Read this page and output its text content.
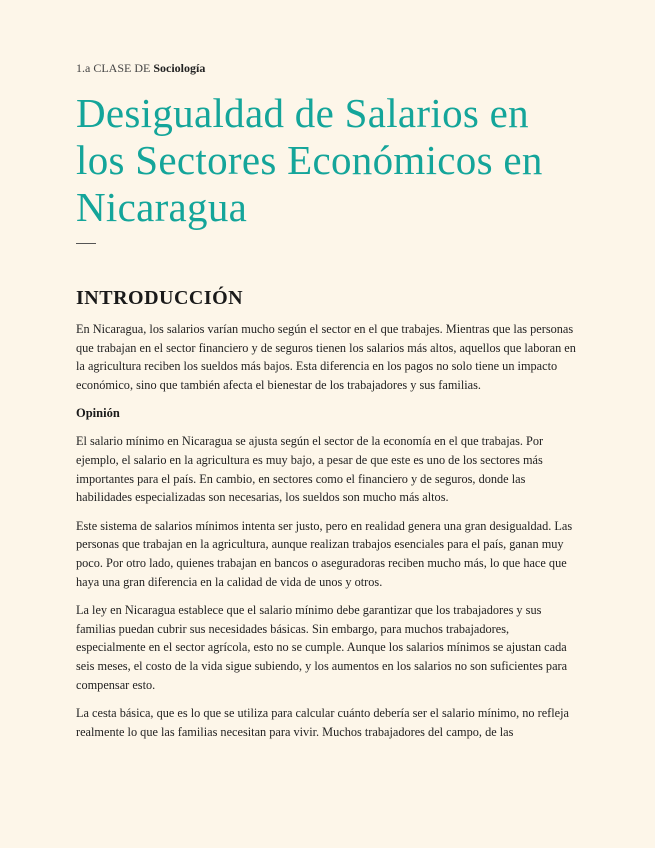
1.a CLASE DE Sociología

Desigualdad de Salarios en los Sectores Económicos en Nicaragua
INTRODUCCIÓN

En Nicaragua, los salarios varían mucho según el sector en el que trabajes. Mientras que las personas que trabajan en el sector financiero y de seguros tienen los salarios más altos, aquellos que laboran en la agricultura reciben los sueldos más bajos. Esta diferencia en los pagos no solo tiene un impacto económico, sino que también afecta el bienestar de los trabajadores y sus familias.

Opinión

El salario mínimo en Nicaragua se ajusta según el sector de la economía en el que trabajas. Por ejemplo, el salario en la agricultura es muy bajo, a pesar de que este es uno de los sectores más importantes para el país. En cambio, en sectores como el financiero y de seguros, donde las habilidades especializadas son necesarias, los sueldos son mucho más altos.

Este sistema de salarios mínimos intenta ser justo, pero en realidad genera una gran desigualdad. Las personas que trabajan en la agricultura, aunque realizan trabajos esenciales para el país, ganan muy poco. Por otro lado, quienes trabajan en bancos o aseguradoras reciben mucho más, lo que hace que haya una gran diferencia en la calidad de vida de unos y otros.

La ley en Nicaragua establece que el salario mínimo debe garantizar que los trabajadores y sus familias puedan cubrir sus necesidades básicas. Sin embargo, para muchos trabajadores, especialmente en el sector agrícola, esto no se cumple. Aunque los salarios mínimos se ajustan cada seis meses, el costo de la vida sigue subiendo, y los aumentos en los salarios no son suficientes para compensar esto.

La cesta básica, que es lo que se utiliza para calcular cuánto debería ser el salario mínimo, no refleja realmente lo que las familias necesitan para vivir. Muchos trabajadores del campo, de las
